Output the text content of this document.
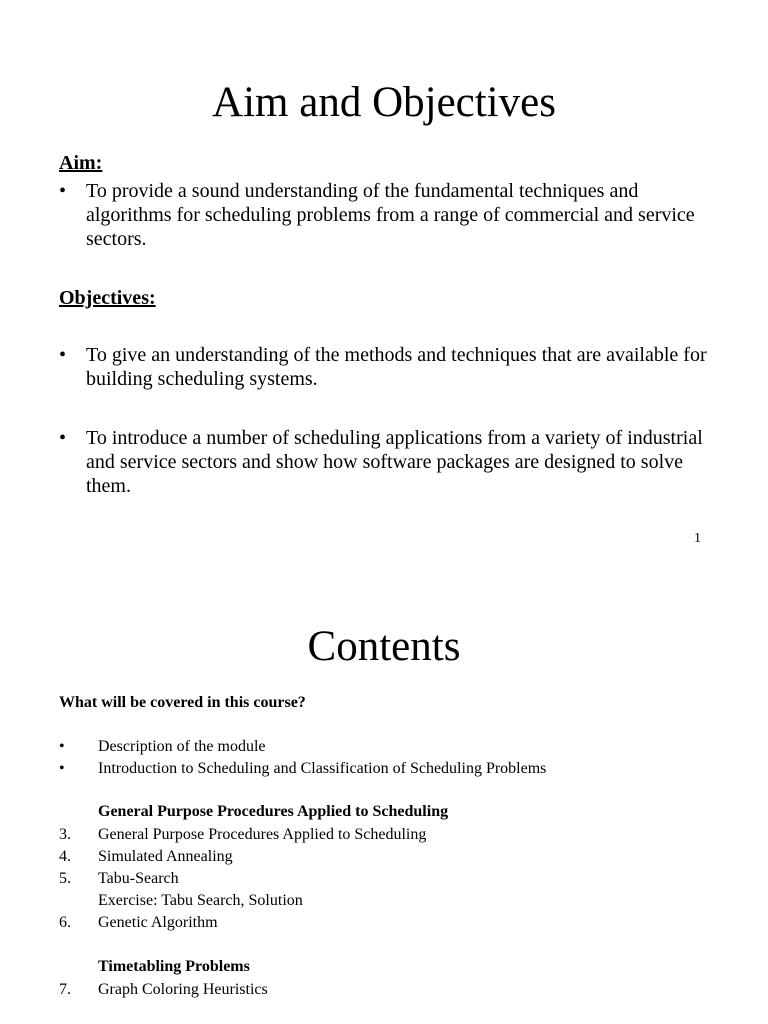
Aim and Objectives
Aim:
• To provide a sound understanding of the fundamental techniques and algorithms for scheduling problems from a range of commercial and service sectors.
Objectives:
• To give an understanding of the methods and techniques that are available for building scheduling systems.
• To introduce a number of scheduling applications from a variety of industrial and service sectors and show how software packages are designed to solve them.
1
Contents
What will be covered in this course?
• Description of the module
• Introduction to Scheduling and Classification of Scheduling Problems
General Purpose Procedures Applied to Scheduling
3. General Purpose Procedures Applied to Scheduling
4. Simulated Annealing
5. Tabu-Search
Exercise: Tabu Search, Solution
6. Genetic Algorithm
Timetabling Problems
7. Graph Coloring Heuristics
